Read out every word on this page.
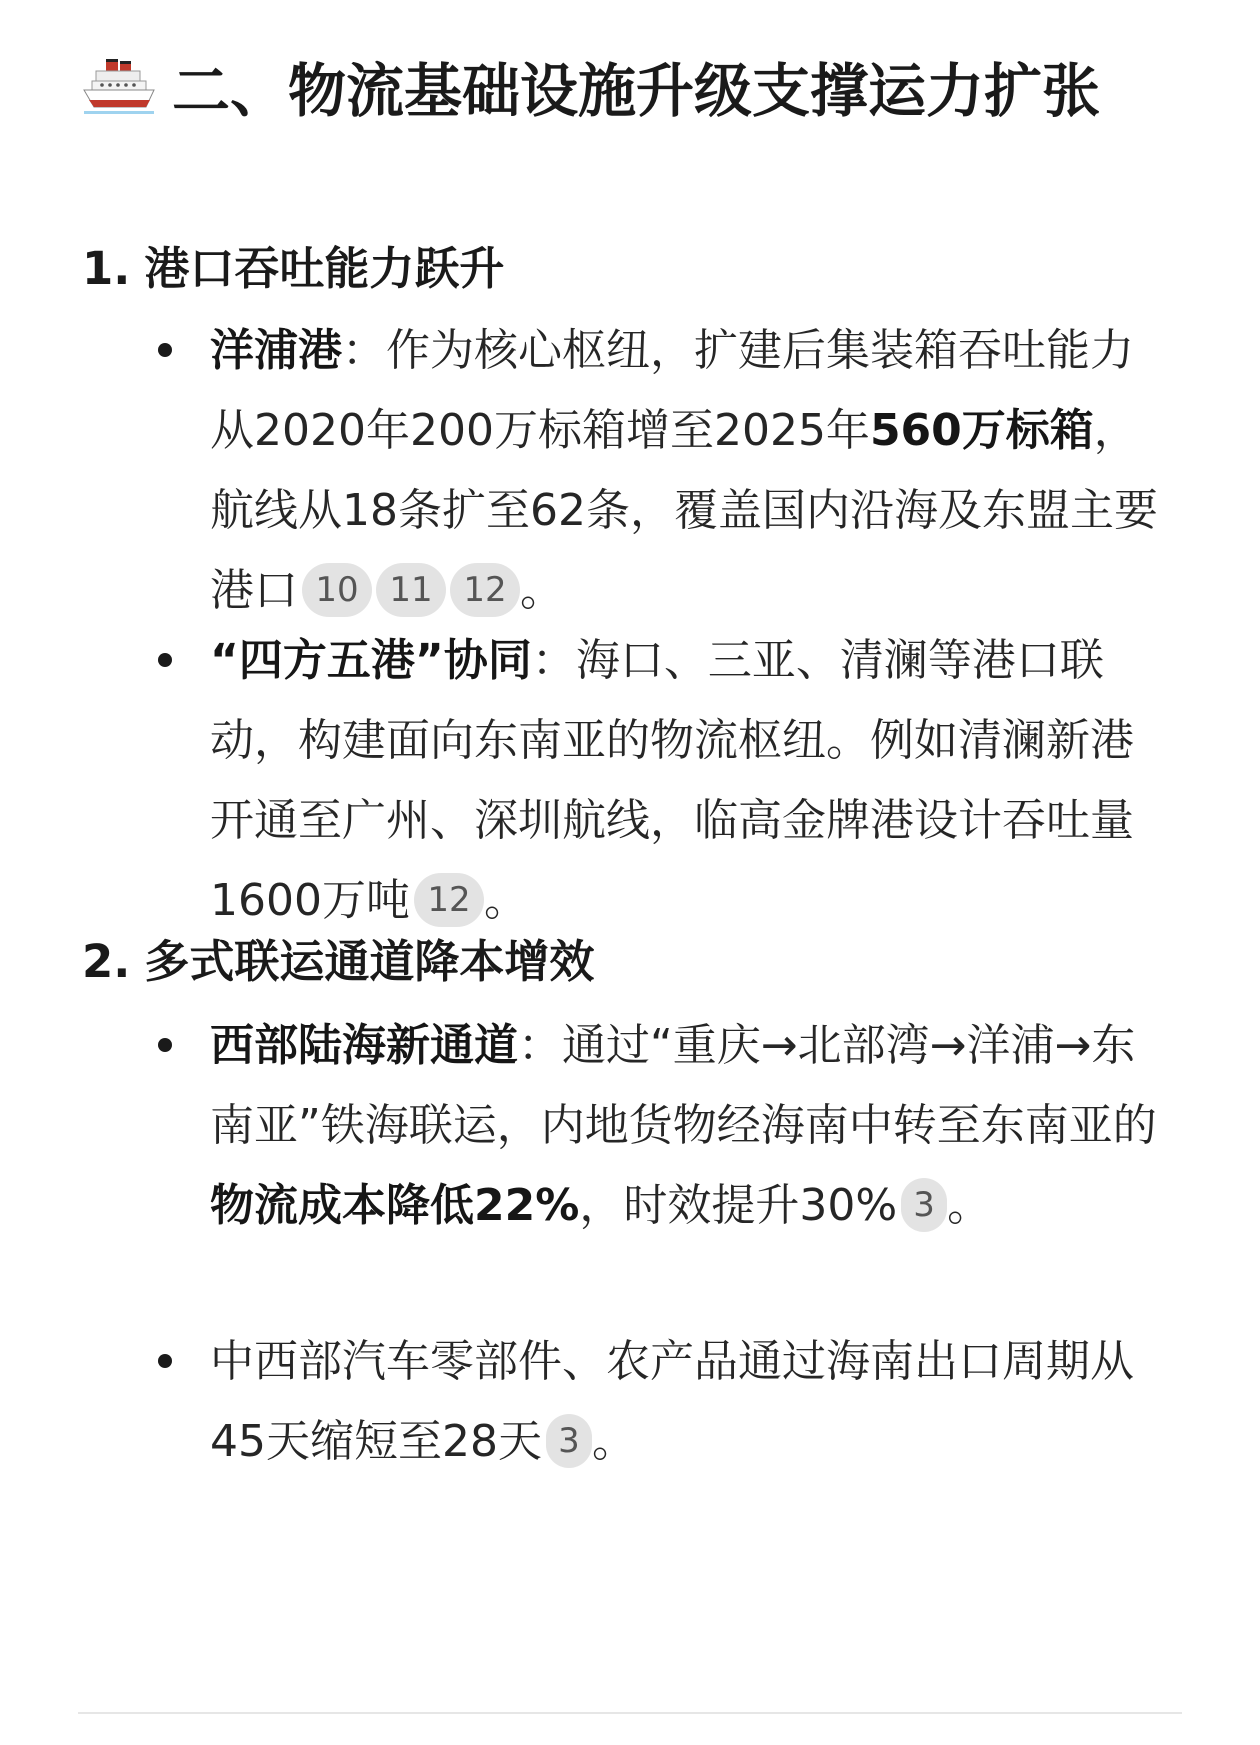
二、物流基础设施升级支撑运力扩张
1. 港口吞吐能力跃升

洋浦港：作为核心枢纽，扩建后集装箱吞吐能力从2020年200万标箱增至2025年560万标箱，航线从18条扩至62条，覆盖国内沿海及东盟主要港口 10 11 12 。

“四方五港”协同：海口、三亚、清澜等港口联动，构建面向东南亚的物流枢纽。例如清澜新港开通至广州、深圳航线，临高金牌港设计吞吐量1600万吨 12 。

2. 多式联运通道降本增效

西部陆海新通道：通过“重庆→北部湾→洋浦→东南亚”铁海联运，内地货物经海南中转至东南亚的物流成本降低22%，时效提升30% 3 。

中西部汽车零部件、农产品通过海南出口周期从45天缩短至28天 3 。
